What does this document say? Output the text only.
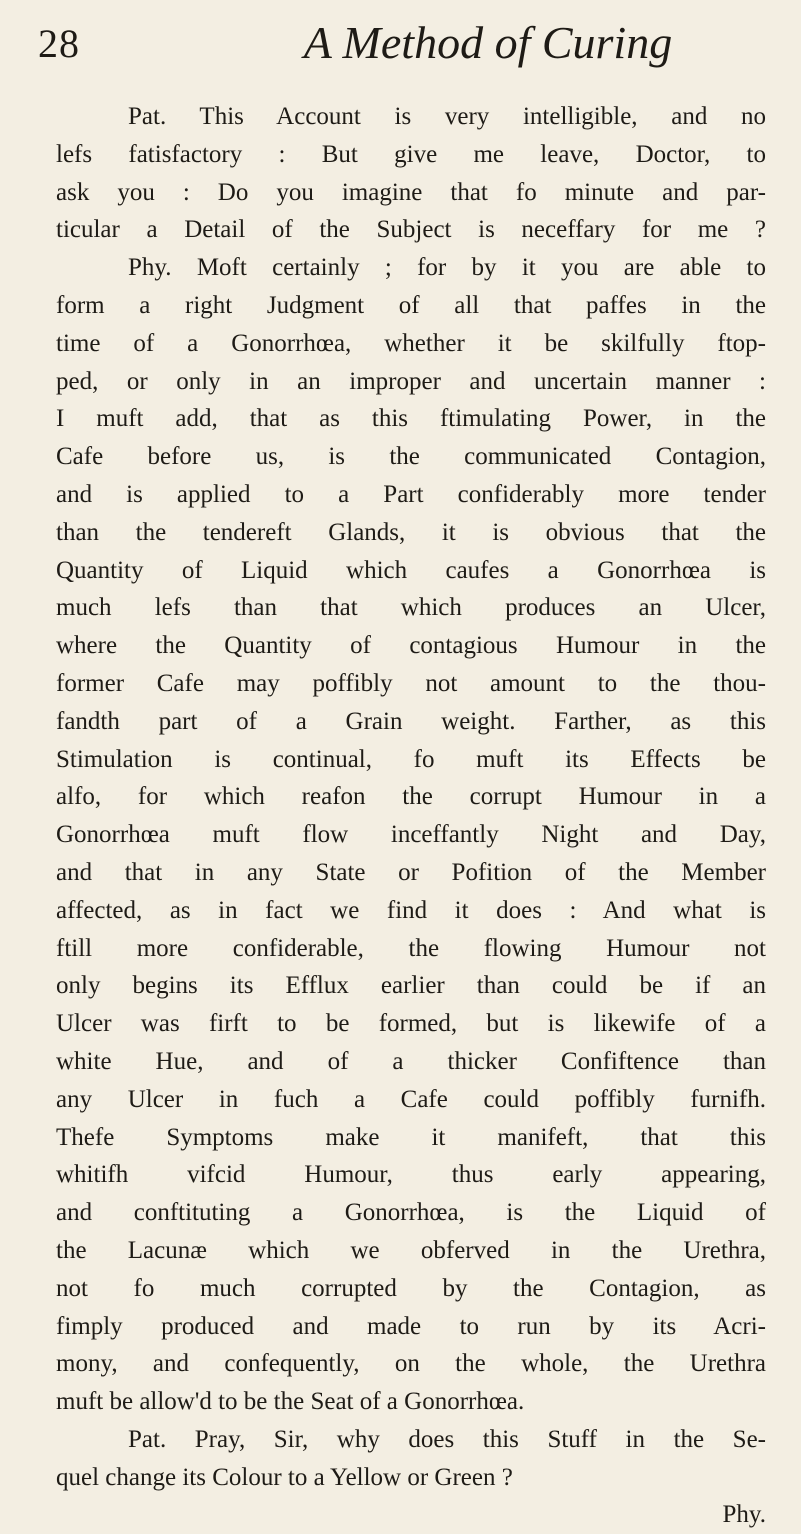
28	A Method of Curing
Pat. This Account is very intelligible, and no
lefs fatisfactory : But give me leave, Doctor, to
ask you : Do you imagine that fo minute and par-
ticular a Detail of the Subject is neceffary for me ?
Phy. Moft certainly ; for by it you are able to
form a right Judgment of all that paffes in the
time of a Gonorrhœa, whether it be skilfully ftop-
ped, or only in an improper and uncertain manner :
I muft add, that as this ftimulating Power, in the
Cafe before us, is the communicated Contagion,
and is applied to a Part confiderably more tender
than the tendereft Glands, it is obvious that the
Quantity of Liquid which caufes a Gonorrhœa is
much lefs than that which produces an Ulcer,
where the Quantity of contagious Humour in the
former Cafe may poffibly not amount to the thou-
fandth part of a Grain weight. Farther, as this
Stimulation is continual, fo muft its Effects be
alfo, for which reafon the corrupt Humour in a
Gonorrhœa muft flow inceffantly Night and Day,
and that in any State or Pofition of the Member
affected, as in fact we find it does : And what is
ftill more confiderable, the flowing Humour not
only begins its Efflux earlier than could be if an
Ulcer was firft to be formed, but is likewife of a
white Hue, and of a thicker Confiftence than
any Ulcer in fuch a Cafe could poffibly furnifh.
Thefe Symptoms make it manifeft, that this
whitifh vifcid Humour, thus early appearing,
and conftituting a Gonorrhœa, is the Liquid of
the Lacunæ which we obferved in the Urethra,
not fo much corrupted by the Contagion, as
fimply produced and made to run by its Acri-
mony, and confequently, on the whole, the Urethra
muft be allow'd to be the Seat of a Gonorrhœa.
Pat. Pray, Sir, why does this Stuff in the Se-
quel change its Colour to a Yellow or Green ?
Phy.
